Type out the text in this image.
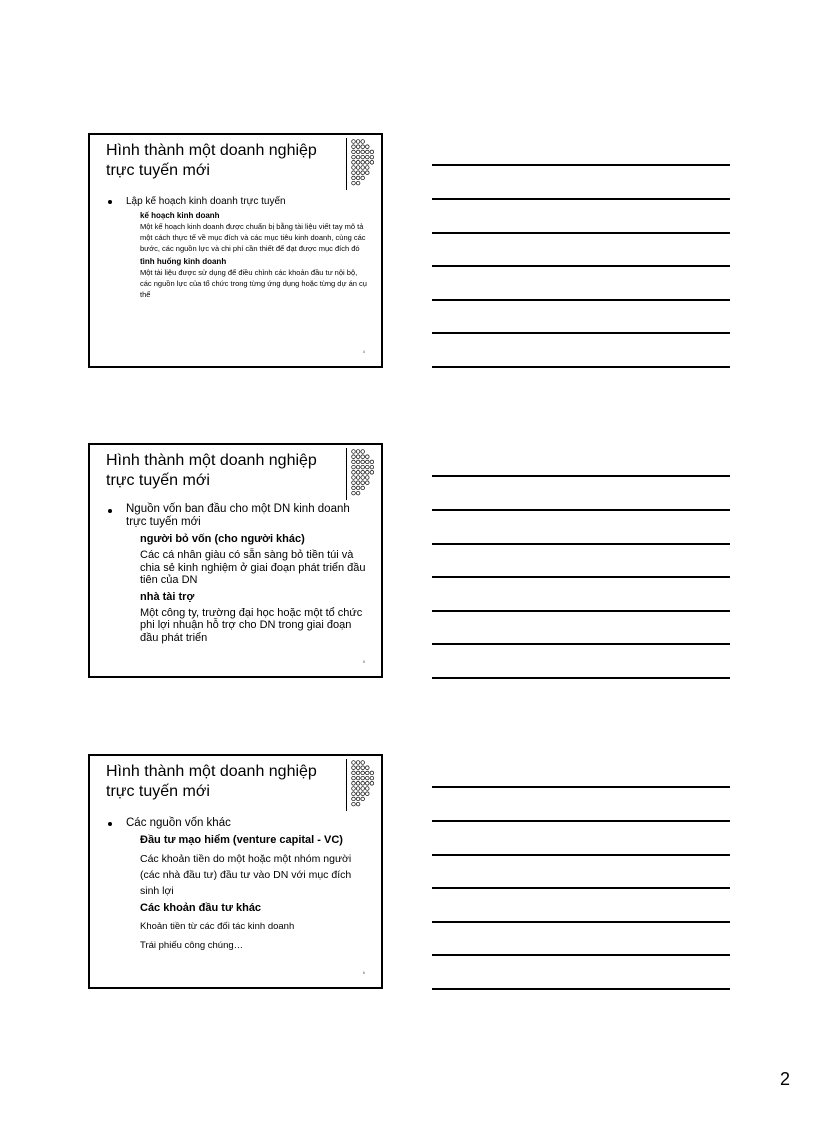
Hình thành một doanh nghiệp
trực tuyến mới
Lập kế hoạch kinh doanh trực tuyến
kế hoạch kinh doanh
Một kế hoạch kinh doanh được chuẩn bị bằng tài liệu viết tay mô tả một cách thực tế về mục đích và các mục tiêu kinh doanh, cùng các bước, các nguồn lực và chi phí cần thiết để đạt được mục đích đó
tình huống kinh doanh
Một tài liệu được sử dụng để điều chỉnh các khoản đầu tư nội bộ, các nguồn lực của tổ chức trong từng ứng dụng hoặc từng dự án cụ thể
4
Hình thành một doanh nghiệp
trực tuyến mới
Nguồn vốn ban đầu cho một DN kinh doanh trực tuyến mới
người bỏ vốn (cho người khác)
Các cá nhân giàu có sẵn sàng bỏ tiền túi và chia sẻ kinh nghiệm ở giai đoạn phát triển đầu tiên của DN
nhà tài trợ
Một công ty, trường đại học hoặc một tổ chức phi lợi nhuận hỗ trợ cho DN trong giai đoạn đầu phát triển
5
Hình thành một doanh nghiệp
trực tuyến mới
Các nguồn vốn khác
Đầu tư mạo hiểm (venture capital - VC)
Các khoản tiền do một hoặc một nhóm người (các nhà đầu tư) đầu tư vào DN với mục đích sinh lợi
Các khoản đầu tư khác
Khoản tiền từ các đối tác kinh doanh
Trái phiếu công chúng…
6
2
